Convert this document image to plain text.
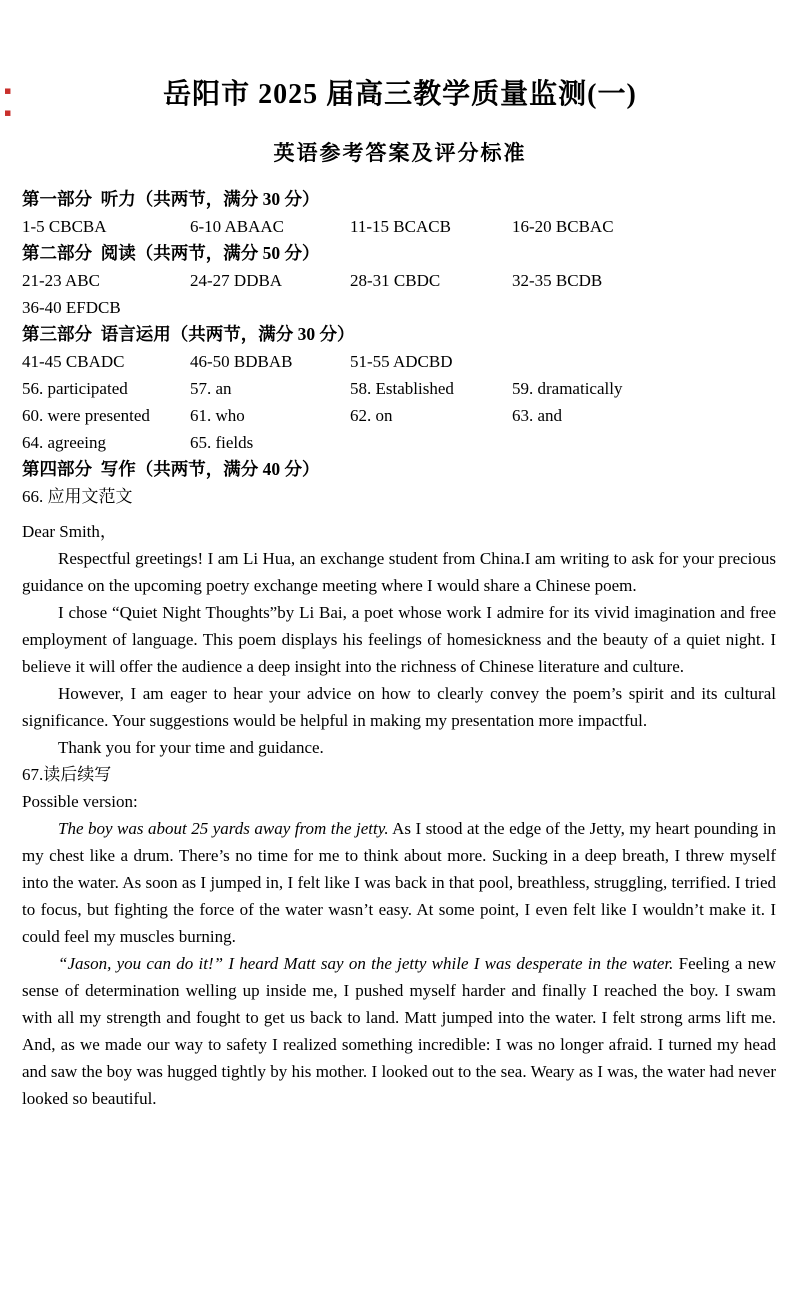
▪
▪
岳阳市 2025 届高三教学质量监测(一)
英语参考答案及评分标准

第一部分 听力（共两节，满分 30 分）

1-5 CBCBA	6-10 ABAAC	11-15 BCACB	16-20 BCBAC

第二部分 阅读（共两节，满分 50 分）

21-23 ABC	24-27 DDBA	28-31 CBDC	32-35 BCDB
36-40 EFDCB

第三部分 语言运用（共两节，满分 30 分）

41-45 CBADC	46-50 BDBAB	51-55 ADCBD
56. participated	57. an	58. Established	59. dramatically
60. were presented	61. who	62. on	63. and
64. agreeing	65. fields

第四部分 写作（共两节，满分 40 分）

66. 应用文范文

Dear Smith，

Respectful greetings! I am Li Hua, an exchange student from China.I am writing to ask for your precious guidance on the upcoming poetry exchange meeting where I would share a Chinese poem.

I chose “Quiet Night Thoughts”by Li Bai, a poet whose work I admire for its vivid imagination and free employment of language. This poem displays his feelings of homesickness and the beauty of a quiet night. I believe it will offer the audience a deep insight into the richness of Chinese literature and culture.

However, I am eager to hear your advice on how to clearly convey the poem’s spirit and its cultural significance. Your suggestions would be helpful in making my presentation more impactful.

Thank you for your time and guidance.

67.读后续写

Possible version:

The boy was about 25 yards away from the jetty. As I stood at the edge of the Jetty, my heart pounding in my chest like a drum. There’s no time for me to think about more. Sucking in a deep breath, I threw myself into the water. As soon as I jumped in, I felt like I was back in that pool, breathless, struggling, terrified. I tried to focus, but fighting the force of the water wasn’t easy. At some point, I even felt like I wouldn’t make it. I could feel my muscles burning.

“Jason, you can do it!” I heard Matt say on the jetty while I was desperate in the water. Feeling a new sense of determination welling up inside me, I pushed myself harder and finally I reached the boy. I swam with all my strength and fought to get us back to land. Matt jumped into the water. I felt strong arms lift me. And, as we made our way to safety I realized something incredible: I was no longer afraid. I turned my head and saw the boy was hugged tightly by his mother. I looked out to the sea. Weary as I was, the water had never looked so beautiful.
